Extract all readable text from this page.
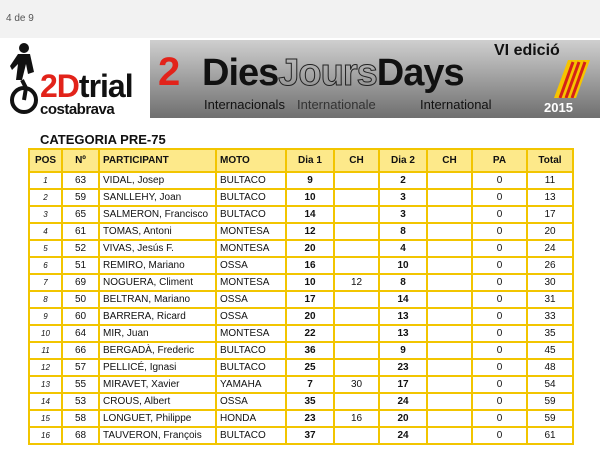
4 de 9
2Dtrial
costabrava
2 DiesJoursDays
Internacionals Internationale	International
VI edició
2015
CATEGORIA PRE-75
POS	Nº	PARTICIPANT	MOTO	Dia 1	CH	Dia 2	CH	PA	Total
1	63	VIDAL, Josep	BULTACO	9		2		0	11
2	59	SANLLEHY, Joan	BULTACO	10		3		0	13
3	65	SALMERON, Francisco	BULTACO	14		3		0	17
4	61	TOMAS, Antoni	MONTESA	12		8		0	20
5	52	VIVAS, Jesús F.	MONTESA	20		4		0	24
6	51	REMIRO, Mariano	OSSA	16		10		0	26
7	69	NOGUERA, Climent	MONTESA	10	12	8		0	30
8	50	BELTRAN, Mariano	OSSA	17		14		0	31
9	60	BARRERA, Ricard	OSSA	20		13		0	33
10	64	MIR, Juan	MONTESA	22		13		0	35
11	66	BERGADÀ, Frederic	BULTACO	36		9		0	45
12	57	PELLICÉ, Ignasi	BULTACO	25		23		0	48
13	55	MIRAVET, Xavier	YAMAHA	7	30	17		0	54
14	53	CROUS, Albert	OSSA	35		24		0	59
15	58	LONGUET, Philippe	HONDA	23	16	20		0	59
16	68	TAUVERON, François	BULTACO	37		24		0	61
